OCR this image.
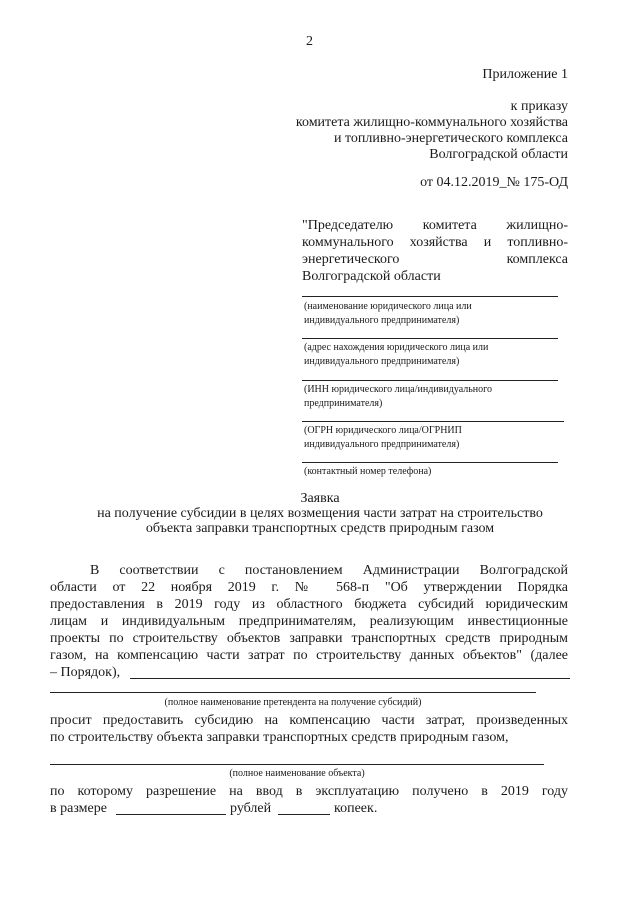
2
Приложение 1
к приказу
комитета жилищно-коммунального хозяйства
и топливно-энергетического комплекса
Волгоградской области
от 04.12.2019_№ 175-ОД
"Председателю комитета жилищно-
коммунального хозяйства и топливно-
энергетического комплекса
Волгоградской области
(наименование юридического лица или
индивидуального предпринимателя)
(адрес нахождения юридического лица или
индивидуального предпринимателя)
(ИНН юридического лица/индивидуального
предпринимателя)
(ОГРН юридического лица/ОГРНИП
индивидуального предпринимателя)
(контактный номер телефона)
Заявка
на получение субсидии в целях возмещения части затрат на строительство
объекта заправки транспортных средств природным газом
В соответствии с постановлением Администрации Волгоградской
области от 22 ноября 2019 г. № 568-п "Об утверждении Порядка
предоставления в 2019 году из областного бюджета субсидий юридическим
лицам и индивидуальным предпринимателям, реализующим инвестиционные
проекты по строительству объектов заправки транспортных средств природным
газом, на компенсацию части затрат по строительству данных объектов" (далее
– Порядок),
(полное наименование претендента на получение субсидий)
просит предоставить субсидию на компенсацию части затрат, произведенных
по строительству объекта заправки транспортных средств природным газом,
(полное наименование объекта)
по которому разрешение на ввод в эксплуатацию получено в 2019 году
в размере	рублей	копеек.
